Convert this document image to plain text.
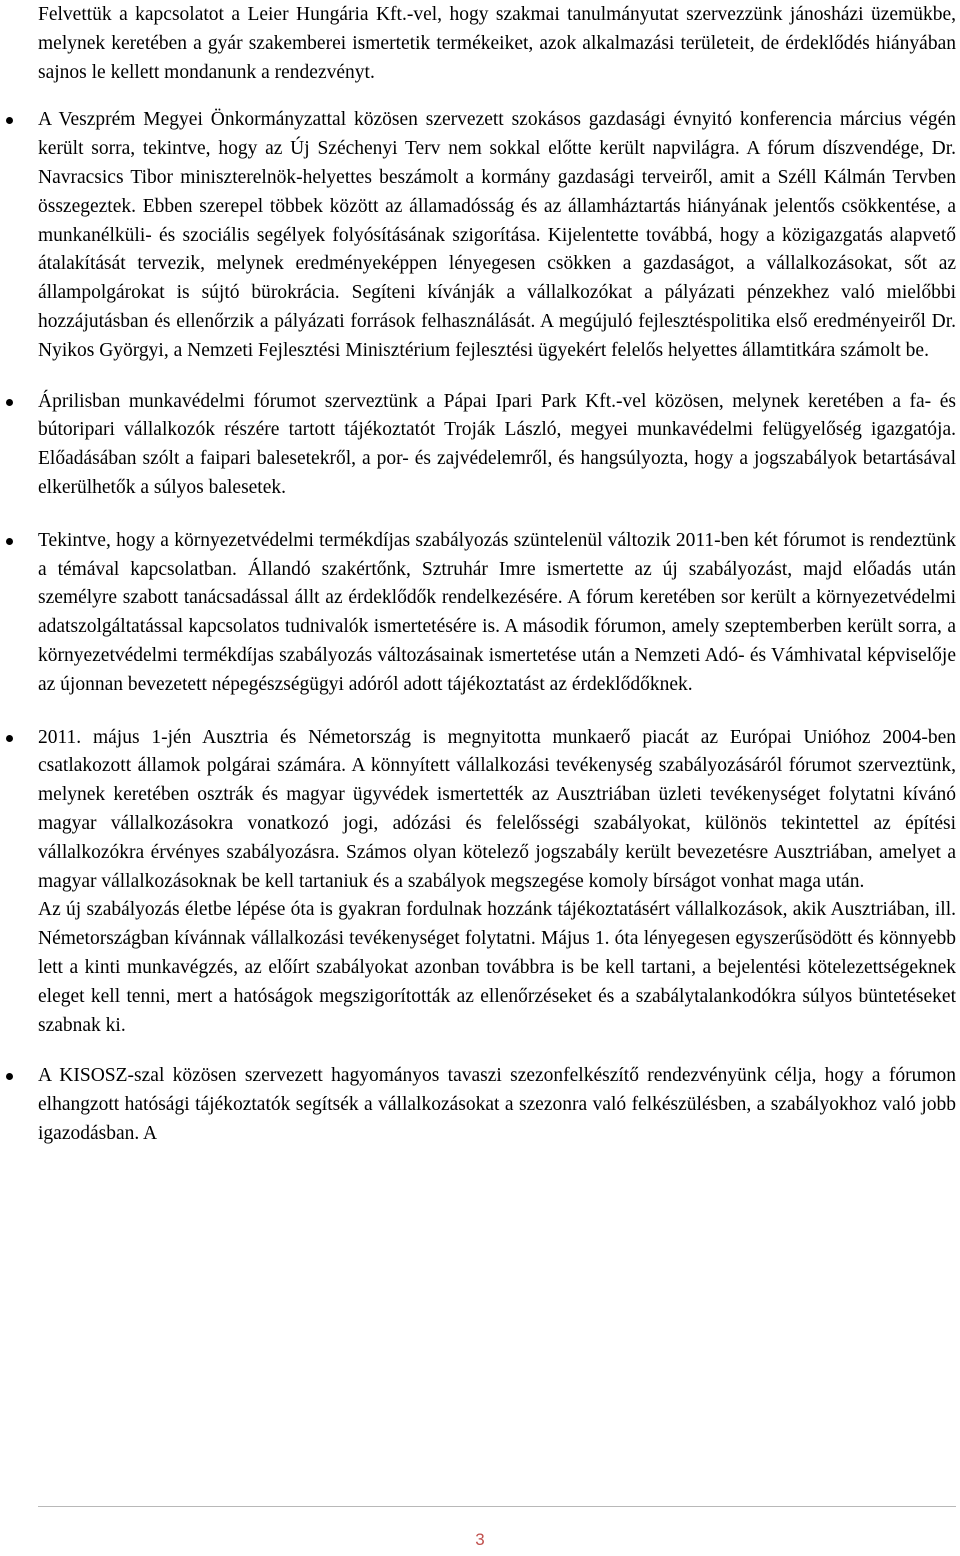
Felvettük a kapcsolatot a Leier Hungária Kft.-vel, hogy szakmai tanulmányutat szervezzünk jánosházi üzemükbe, melynek keretében a gyár szakemberei ismertetik termékeiket, azok alkalmazási területeit, de érdeklődés hiányában sajnos le kellett mondanunk a rendezvényt.

A Veszprém Megyei Önkormányzattal közösen szervezett szokásos gazdasági évnyitó konferencia március végén került sorra, tekintve, hogy az Új Széchenyi Terv nem sokkal előtte került napvilágra. A fórum díszvendége, Dr. Navracsics Tibor miniszterelnök-helyettes beszámolt a kormány gazdasági terveiről, amit a Széll Kálmán Tervben összegeztek. Ebben szerepel többek között az államadósság és az államháztartás hiányának jelentős csökkentése, a munkanélküli- és szociális segélyek folyósításának szigorítása. Kijelentette továbbá, hogy a közigazgatás alapvető átalakítását tervezik, melynek eredményeképpen lényegesen csökken a gazdaságot, a vállalkozásokat, sőt az állampolgárokat is sújtó bürokrácia. Segíteni kívánják a vállalkozókat a pályázati pénzekhez való mielőbbi hozzájutásban és ellenőrzik a pályázati források felhasználását. A megújuló fejlesztéspolitika első eredményeiről Dr. Nyikos Györgyi, a Nemzeti Fejlesztési Minisztérium fejlesztési ügyekért felelős helyettes államtitkára számolt be.

Áprilisban munkavédelmi fórumot szerveztünk a Pápai Ipari Park Kft.-vel közösen, melynek keretében a fa- és bútoripari vállalkozók részére tartott tájékoztatót Troják László, megyei munkavédelmi felügyelőség igazgatója. Előadásában szólt a faipari balesetekről, a por- és zajvédelemről, és hangsúlyozta, hogy a jogszabályok betartásával elkerülhetők a súlyos balesetek.

Tekintve, hogy a környezetvédelmi termékdíjas szabályozás szüntelenül változik 2011-ben két fórumot is rendeztünk a témával kapcsolatban. Állandó szakértőnk, Sztruhár Imre ismertette az új szabályozást, majd előadás után személyre szabott tanácsadással állt az érdeklődők rendelkezésére. A fórum keretében sor került a környezetvédelmi adatszolgáltatással kapcsolatos tudnivalók ismertetésére is. A második fórumon, amely szeptemberben került sorra, a környezetvédelmi termékdíjas szabályozás változásainak ismertetése után a Nemzeti Adó- és Vámhivatal képviselője az újonnan bevezetett népegészségügyi adóról adott tájékoztatást az érdeklődőknek.

2011. május 1-jén Ausztria és Németország is megnyitotta munkaerő piacát az Európai Unióhoz 2004-ben csatlakozott államok polgárai számára. A könnyített vállalkozási tevékenység szabályozásáról fórumot szerveztünk, melynek keretében osztrák és magyar ügyvédek ismertették az Ausztriában üzleti tevékenységet folytatni kívánó magyar vállalkozásokra vonatkozó jogi, adózási és felelősségi szabályokat, különös tekintettel az építési vállalkozókra érvényes szabályozásra. Számos olyan kötelező jogszabály került bevezetésre Ausztriában, amelyet a magyar vállalkozásoknak be kell tartaniuk és a szabályok megszegése komoly bírságot vonhat maga után.

Az új szabályozás életbe lépése óta is gyakran fordulnak hozzánk tájékoztatásért vállalkozások, akik Ausztriában, ill. Németországban kívánnak vállalkozási tevékenységet folytatni. Május 1. óta lényegesen egyszerűsödött és könnyebb lett a kinti munkavégzés, az előírt szabályokat azonban továbbra is be kell tartani, a bejelentési kötelezettségeknek eleget kell tenni, mert a hatóságok megszigorították az ellenőrzéseket és a szabálytalankodókra súlyos büntetéseket szabnak ki.

A KISOSZ-szal közösen szervezett hagyományos tavaszi szezonfelkészítő rendezvényünk célja, hogy a fórumon elhangzott hatósági tájékoztatók segítsék a vállalkozásokat a szezonra való felkészülésben, a szabályokhoz való jobb igazodásban. A

3
